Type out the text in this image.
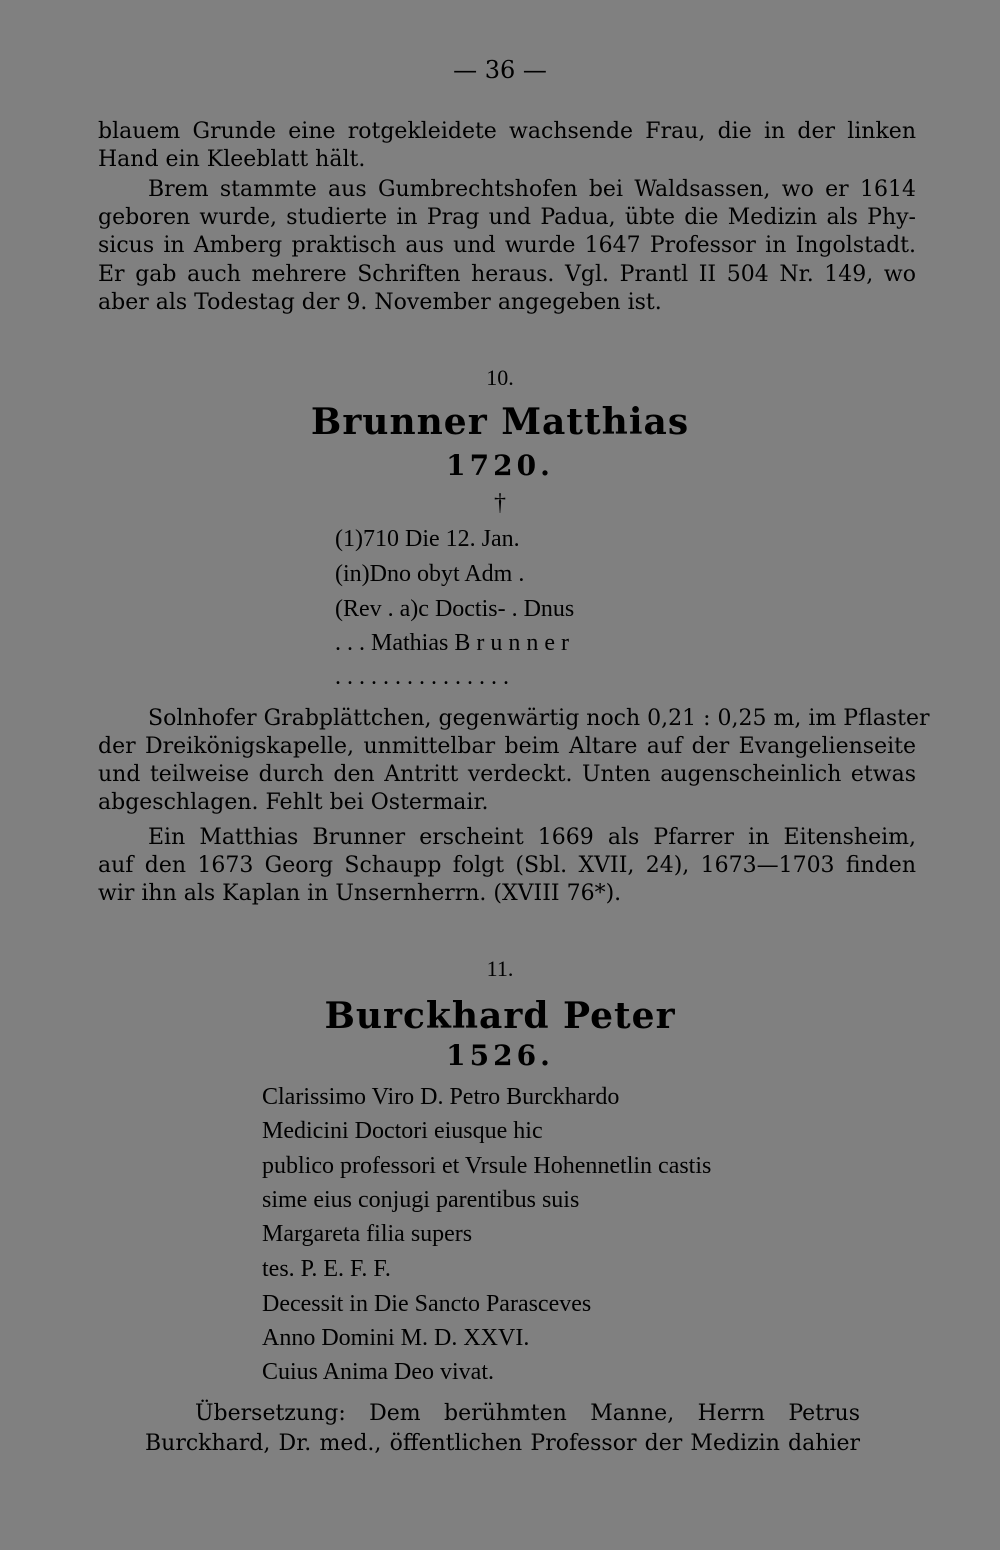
— 36 —
blauem Grunde eine rotgekleidete wachsende Frau, die in der linken
Hand ein Kleeblatt hält.
Brem stammte aus Gumbrechtshofen bei Waldsassen, wo er 1614
geboren wurde, studierte in Prag und Padua, übte die Medizin als Phy-
sicus in Amberg praktisch aus und wurde 1647 Professor in Ingolstadt.
Er gab auch mehrere Schriften heraus. Vgl. Prantl II 504 Nr. 149, wo
aber als Todestag der 9. November angegeben ist.
10.
Brunner Matthias
1720.
†
(1)710 Die 12. Jan.
(in)Dno obyt Adm .
(Rev . a)c Doctis‑ . Dnus
. . . Mathias B r u n n e r
. . . . . . . . . . . . . . .
Solnhofer Grabplättchen, gegenwärtig noch 0,21 : 0,25 m, im Pflaster
der Dreikönigskapelle, unmittelbar beim Altare auf der Evangelienseite
und teilweise durch den Antritt verdeckt. Unten augenscheinlich etwas
abgeschlagen. Fehlt bei Ostermair.
Ein Matthias Brunner erscheint 1669 als Pfarrer in Eitensheim,
auf den 1673 Georg Schaupp folgt (Sbl. XVII, 24), 1673—1703 finden
wir ihn als Kaplan in Unsernherrn. (XVIII 76*).
11.
Burckhard Peter
1526.
Clarissimo Viro D. Petro Burckhardo
Medicini Doctori eiusque hic
publico professori et Vrsule Hohennetlin castis
sime eius conjugi parentibus suis
Margareta filia supers
tes. P. E. F. F.
Decessit in Die Sancto Parasceves
Anno Domini M. D. XXVI.
Cuius Anima Deo vivat.
Übersetzung: Dem berühmten Manne, Herrn Petrus
Burckhard, Dr. med., öffentlichen Professor der Medizin dahier
